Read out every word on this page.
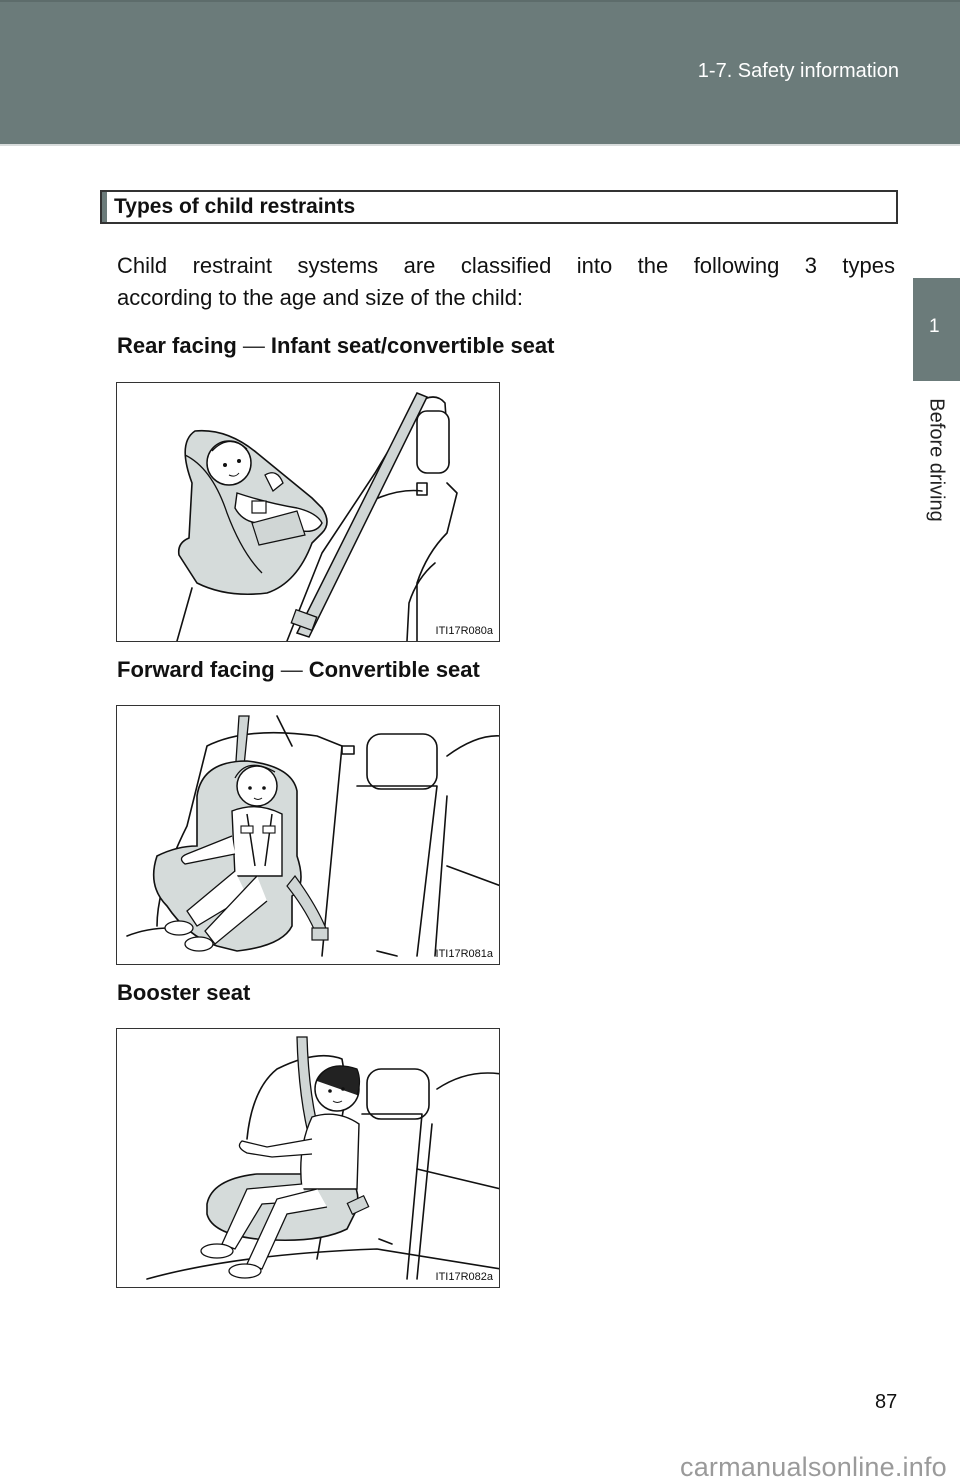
1-7. Safety information
1
Before driving
Types of child restraints
Child restraint systems are classified into the following 3 types
according to the age and size of the child:
Rear facing — Infant seat/convertible seat
ITI17R080a
Forward facing — Convertible seat
ITI17R081a
Booster seat
ITI17R082a
87
carmanualsonline.info
